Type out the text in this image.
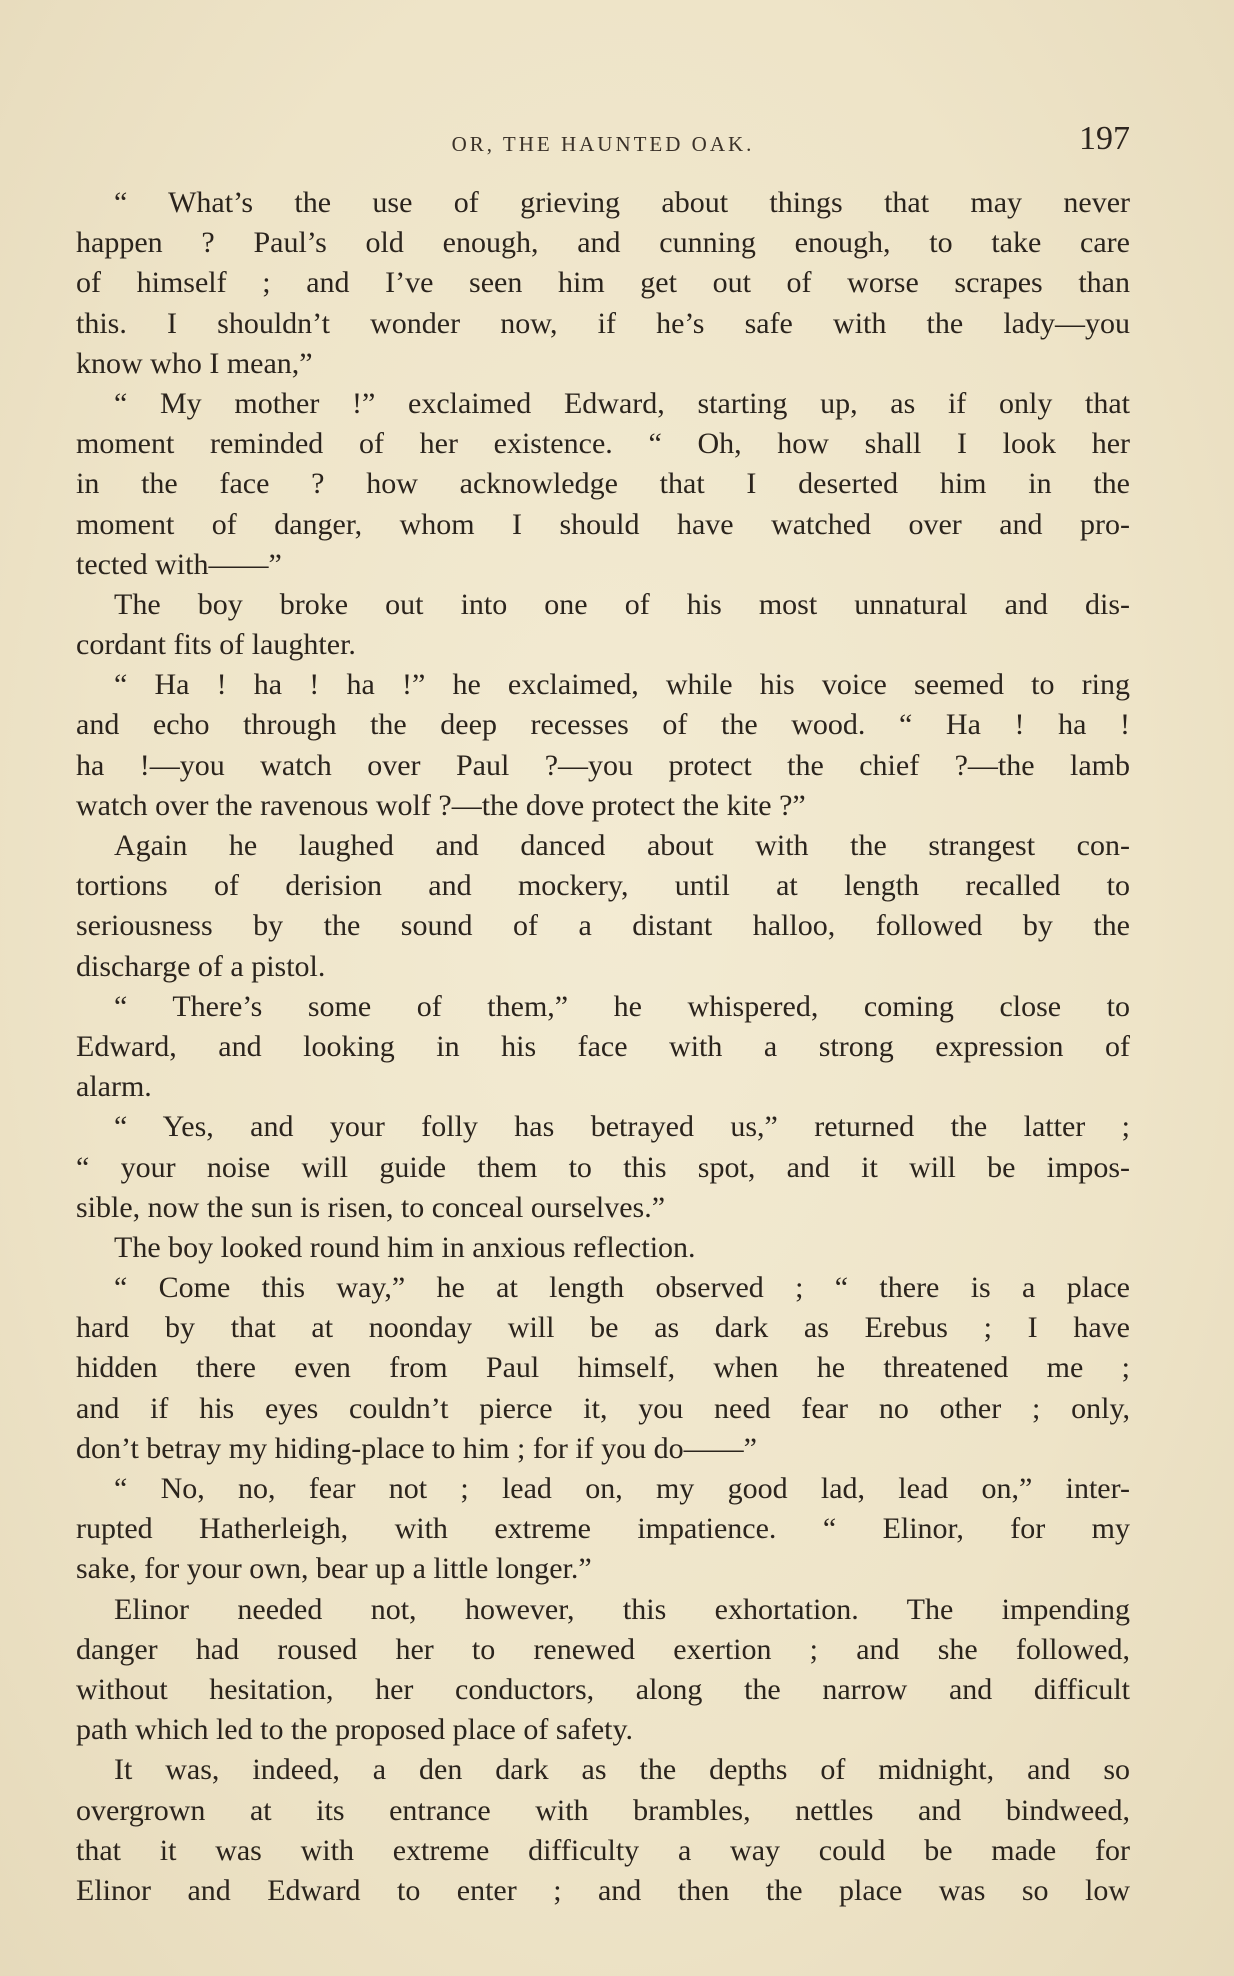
OR, THE HAUNTED OAK.	197
“ What’s the use of grieving about things that may never
happen ? Paul’s old enough, and cunning enough, to take care
of himself ; and I’ve seen him get out of worse scrapes than
this. I shouldn’t wonder now, if he’s safe with the lady—you
know who I mean,”
“ My mother !” exclaimed Edward, starting up, as if only that
moment reminded of her existence. “ Oh, how shall I look her
in the face ? how acknowledge that I deserted him in the
moment of danger, whom I should have watched over and pro-
tected with——”
The boy broke out into one of his most unnatural and dis-
cordant fits of laughter.
“ Ha ! ha ! ha !” he exclaimed, while his voice seemed to ring
and echo through the deep recesses of the wood. “ Ha ! ha !
ha !—you watch over Paul ?—you protect the chief ?—the lamb
watch over the ravenous wolf ?—the dove protect the kite ?”
Again he laughed and danced about with the strangest con-
tortions of derision and mockery, until at length recalled to
seriousness by the sound of a distant halloo, followed by the
discharge of a pistol.
“ There’s some of them,” he whispered, coming close to
Edward, and looking in his face with a strong expression of
alarm.
“ Yes, and your folly has betrayed us,” returned the latter ;
“ your noise will guide them to this spot, and it will be impos-
sible, now the sun is risen, to conceal ourselves.”
The boy looked round him in anxious reflection.
“ Come this way,” he at length observed ; “ there is a place
hard by that at noonday will be as dark as Erebus ; I have
hidden there even from Paul himself, when he threatened me ;
and if his eyes couldn’t pierce it, you need fear no other ; only,
don’t betray my hiding-place to him ; for if you do——”
“ No, no, fear not ; lead on, my good lad, lead on,” inter-
rupted Hatherleigh, with extreme impatience. “ Elinor, for my
sake, for your own, bear up a little longer.”
Elinor needed not, however, this exhortation. The impending
danger had roused her to renewed exertion ; and she followed,
without hesitation, her conductors, along the narrow and difficult
path which led to the proposed place of safety.
It was, indeed, a den dark as the depths of midnight, and so
overgrown at its entrance with brambles, nettles and bindweed,
that it was with extreme difficulty a way could be made for
Elinor and Edward to enter ; and then the place was so low
